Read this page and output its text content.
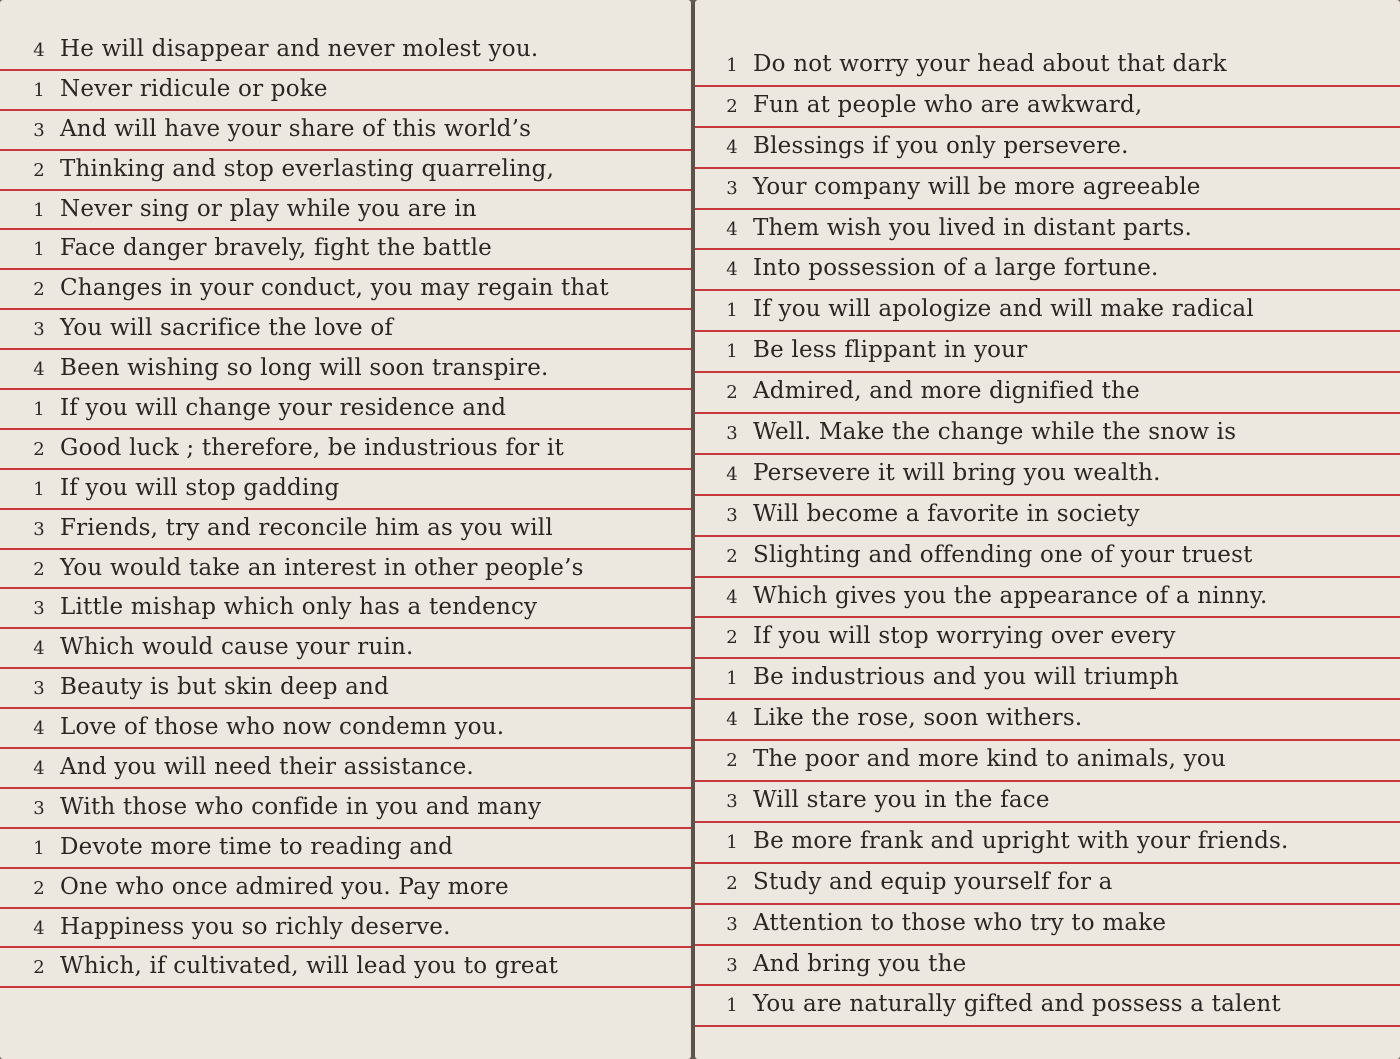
4 He will disappear and never molest you.
1 Never ridicule or poke
3 And will have your share of this world’s
2 Thinking and stop everlasting quarreling,
1 Never sing or play while you are in
1 Face danger bravely, fight the battle
2 Changes in your conduct, you may regain that
3 You will sacrifice the love of
4 Been wishing so long will soon transpire.
1 If you will change your residence and
2 Good luck ; therefore, be industrious for it
1 If you will stop gadding
3 Friends, try and reconcile him as you will
2 You would take an interest in other people’s
3 Little mishap which only has a tendency
4 Which would cause your ruin.
3 Beauty is but skin deep and
4 Love of those who now condemn you.
4 And you will need their assistance.
3 With those who confide in you and many
1 Devote more time to reading and
2 One who once admired you. Pay more
4 Happiness you so richly deserve.
2 Which, if cultivated, will lead you to great
1 Do not worry your head about that dark
2 Fun at people who are awkward,
4 Blessings if you only persevere.
3 Your company will be more agreeable
4 Them wish you lived in distant parts.
4 Into possession of a large fortune.
1 If you will apologize and will make radical
1 Be less flippant in your
2 Admired, and more dignified the
3 Well. Make the change while the snow is
4 Persevere it will bring you wealth.
3 Will become a favorite in society
2 Slighting and offending one of your truest
4 Which gives you the appearance of a ninny.
2 If you will stop worrying over every
1 Be industrious and you will triumph
4 Like the rose, soon withers.
2 The poor and more kind to animals, you
3 Will stare you in the face
1 Be more frank and upright with your friends.
2 Study and equip yourself for a
3 Attention to those who try to make
3 And bring you the
1 You are naturally gifted and possess a talent
